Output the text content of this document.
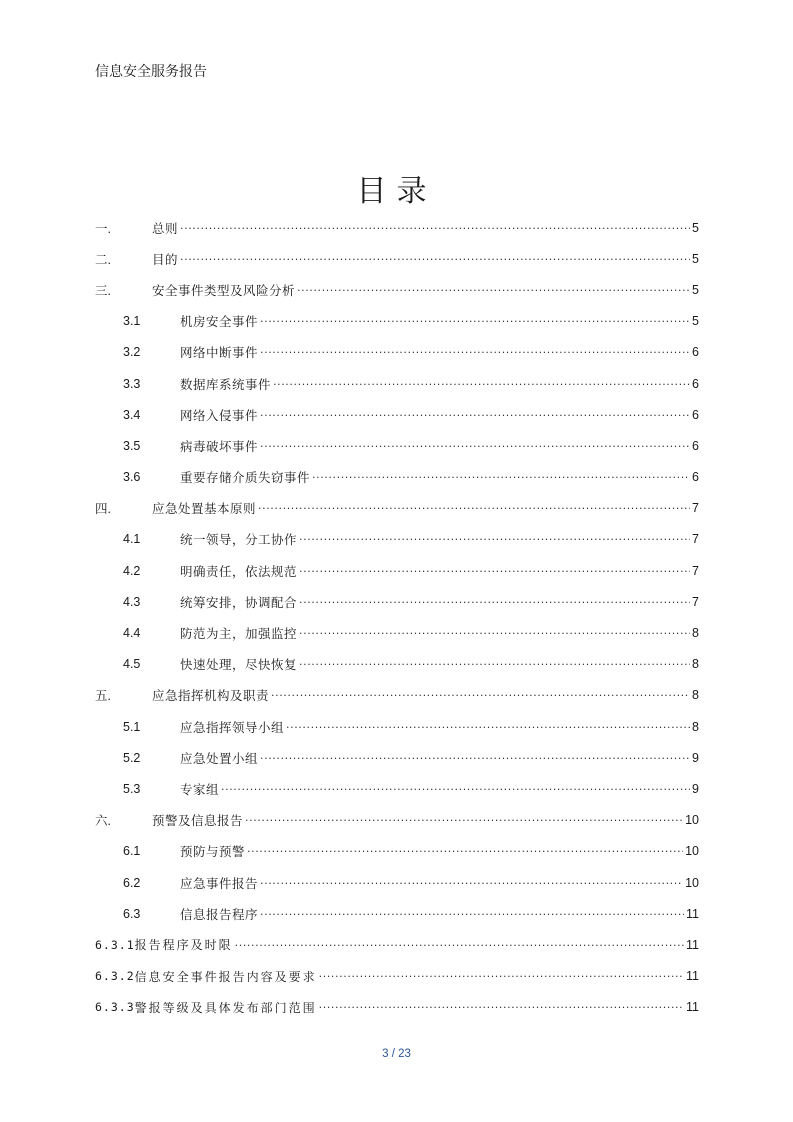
信息安全服务报告
目录
一.	总则 .....	5
二.	目的 .....	5
三.	安全事件类型及风险分析 .....	5
3.1	机房安全事件 .....	5
3.2	网络中断事件 .....	6
3.3	数据库系统事件 .....	6
3.4	网络入侵事件 .....	6
3.5	病毒破坏事件 .....	6
3.6	重要存储介质失窃事件 .....	6
四.	应急处置基本原则 .....	7
4.1	统一领导，分工协作 .....	7
4.2	明确责任，依法规范 .....	7
4.3	统筹安排，协调配合 .....	7
4.4	防范为主，加强监控 .....	8
4.5	快速处理，尽快恢复 .....	8
五.	应急指挥机构及职责 .....	8
5.1	应急指挥领导小组 .....	8
5.2	应急处置小组 .....	9
5.3	专家组 .....	9
六.	预警及信息报告 .....	10
6.1	预防与预警 .....	10
6.2	应急事件报告 .....	10
6.3	信息报告程序 .....	11
6.3.1 报告程序及时限 .....	11
6.3.2 信息安全事件报告内容及要求 .....	11
6.3.3 警报等级及具体发布部门范围 .....	11
3 / 23
